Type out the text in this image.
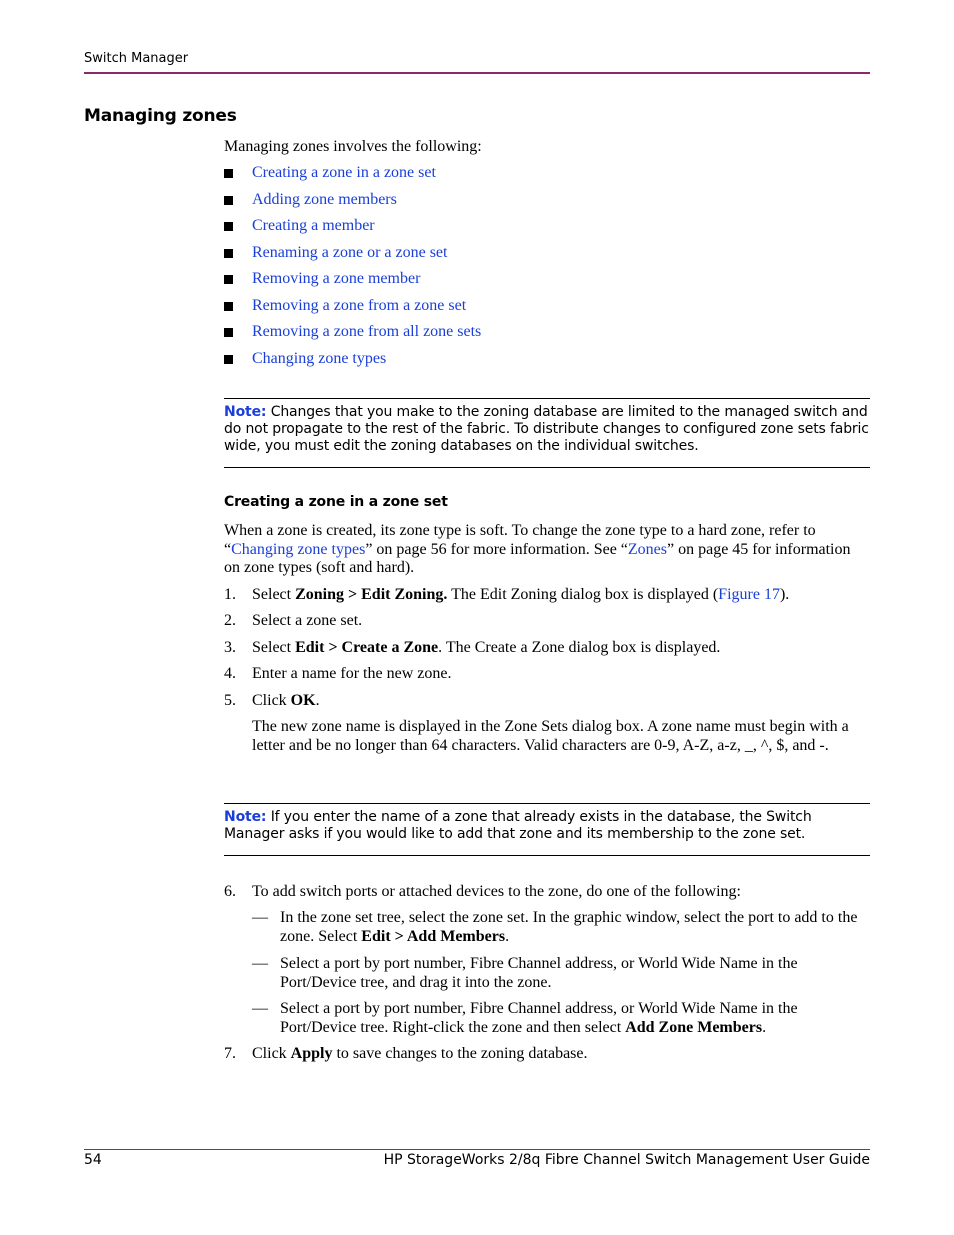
Switch Manager
Managing zones
Managing zones involves the following:
Creating a zone in a zone set
Adding zone members
Creating a member
Renaming a zone or a zone set
Removing a zone member
Removing a zone from a zone set
Removing a zone from all zone sets
Changing zone types
Note: Changes that you make to the zoning database are limited to the managed switch and do not propagate to the rest of the fabric. To distribute changes to configured zone sets fabric wide, you must edit the zoning databases on the individual switches.
Creating a zone in a zone set
When a zone is created, its zone type is soft. To change the zone type to a hard zone, refer to “Changing zone types” on page 56 for more information. See “Zones” on page 45 for information on zone types (soft and hard).
1. Select Zoning > Edit Zoning. The Edit Zoning dialog box is displayed (Figure 17).
2. Select a zone set.
3. Select Edit > Create a Zone. The Create a Zone dialog box is displayed.
4. Enter a name for the new zone.
5. Click OK.
The new zone name is displayed in the Zone Sets dialog box. A zone name must begin with a letter and be no longer than 64 characters. Valid characters are 0-9, A-Z, a-z, _, ^, $, and -.
Note: If you enter the name of a zone that already exists in the database, the Switch Manager asks if you would like to add that zone and its membership to the zone set.
6. To add switch ports or attached devices to the zone, do one of the following:
— In the zone set tree, select the zone set. In the graphic window, select the port to add to the zone. Select Edit > Add Members.
— Select a port by port number, Fibre Channel address, or World Wide Name in the Port/Device tree, and drag it into the zone.
— Select a port by port number, Fibre Channel address, or World Wide Name in the Port/Device tree. Right-click the zone and then select Add Zone Members.
7. Click Apply to save changes to the zoning database.
54	HP StorageWorks 2/8q Fibre Channel Switch Management User Guide
